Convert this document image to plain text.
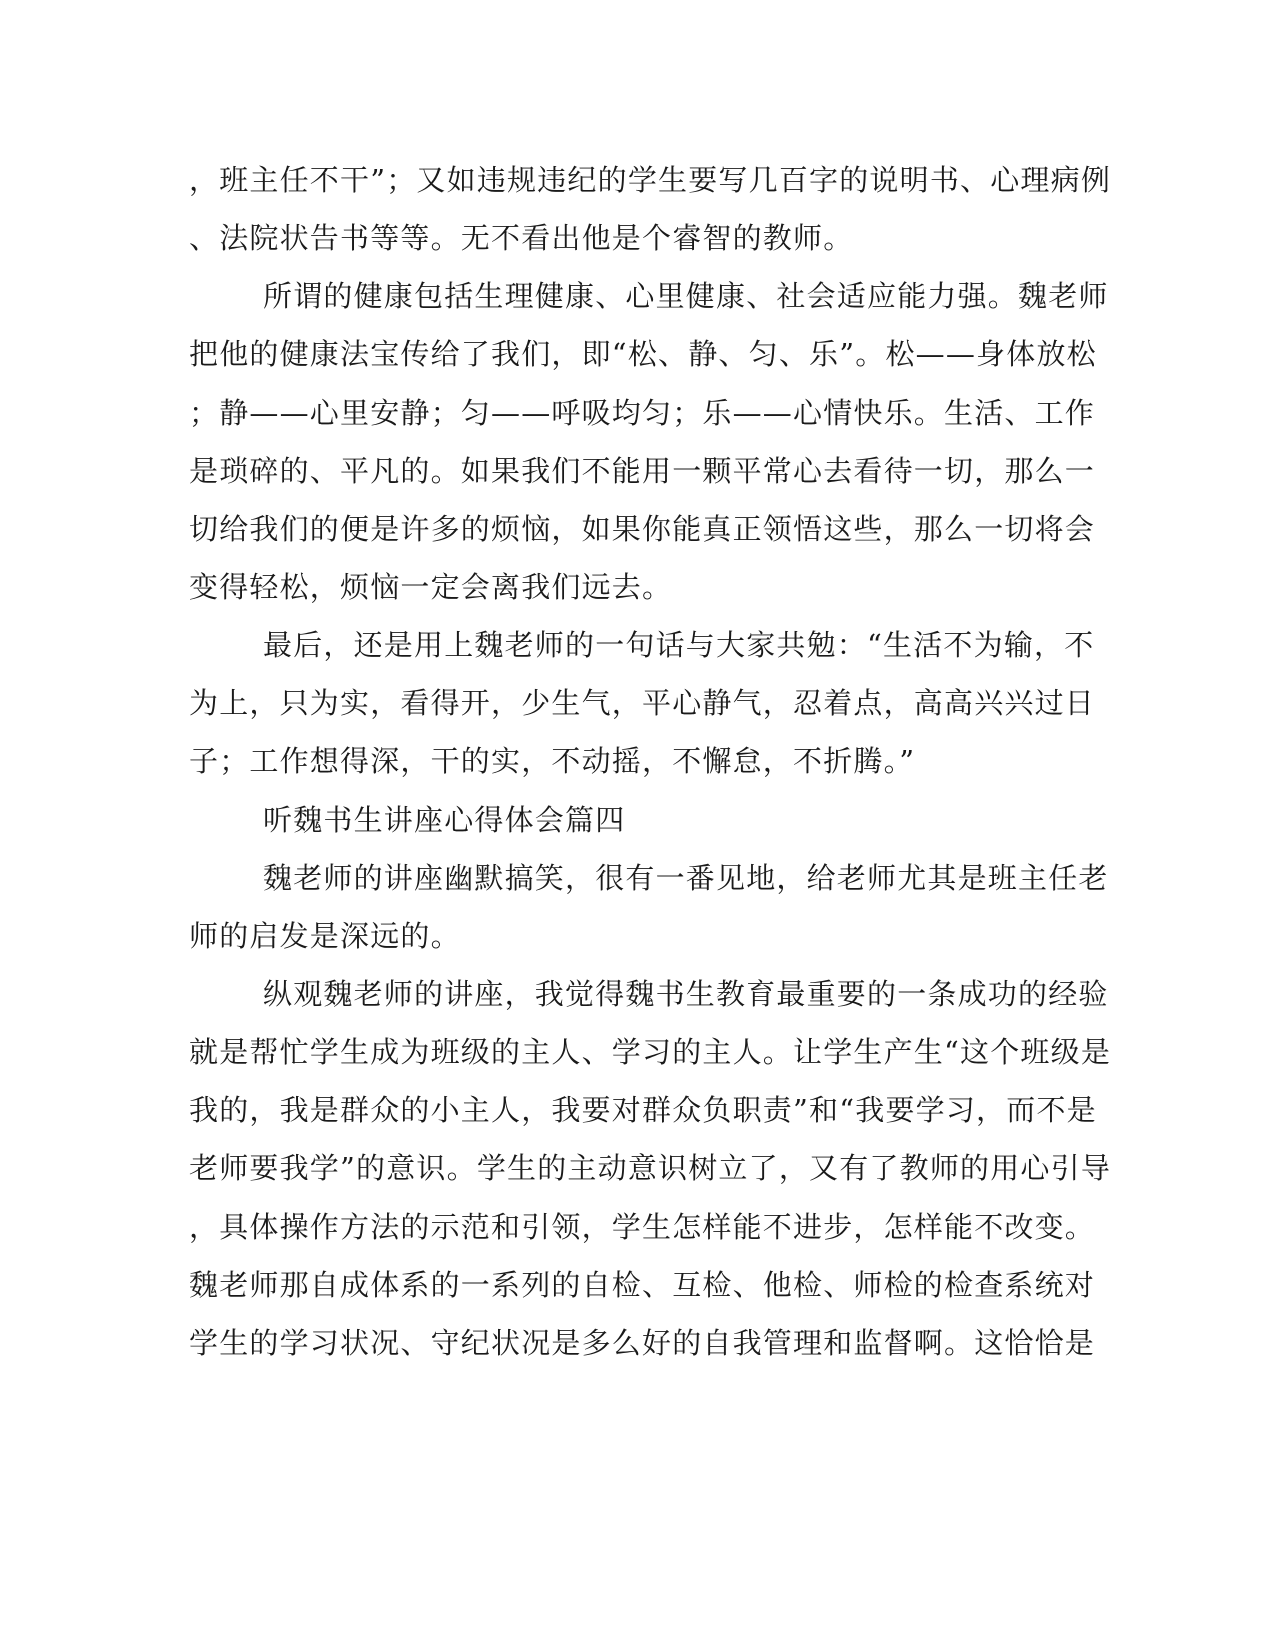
，班主任不干”；又如违规违纪的学生要写几百字的说明书、心理病例
、法院状告书等等。无不看出他是个睿智的教师。
所谓的健康包括生理健康、心里健康、社会适应能力强。魏老师
把他的健康法宝传给了我们，即“松、静、匀、乐”。松——身体放松
；静——心里安静；匀——呼吸均匀；乐——心情快乐。生活、工作
是琐碎的、平凡的。如果我们不能用一颗平常心去看待一切，那么一
切给我们的便是许多的烦恼，如果你能真正领悟这些，那么一切将会
变得轻松，烦恼一定会离我们远去。
最后，还是用上魏老师的一句话与大家共勉：“生活不为输，不
为上，只为实，看得开，少生气，平心静气，忍着点，高高兴兴过日
子；工作想得深，干的实，不动摇，不懈怠，不折腾。”
听魏书生讲座心得体会篇四
魏老师的讲座幽默搞笑，很有一番见地，给老师尤其是班主任老
师的启发是深远的。
纵观魏老师的讲座，我觉得魏书生教育最重要的一条成功的经验
就是帮忙学生成为班级的主人、学习的主人。让学生产生“这个班级是
我的，我是群众的小主人，我要对群众负职责”和“我要学习，而不是
老师要我学”的意识。学生的主动意识树立了，又有了教师的用心引导
，具体操作方法的示范和引领，学生怎样能不进步，怎样能不改变。
魏老师那自成体系的一系列的自检、互检、他检、师检的检查系统对
学生的学习状况、守纪状况是多么好的自我管理和监督啊。这恰恰是
